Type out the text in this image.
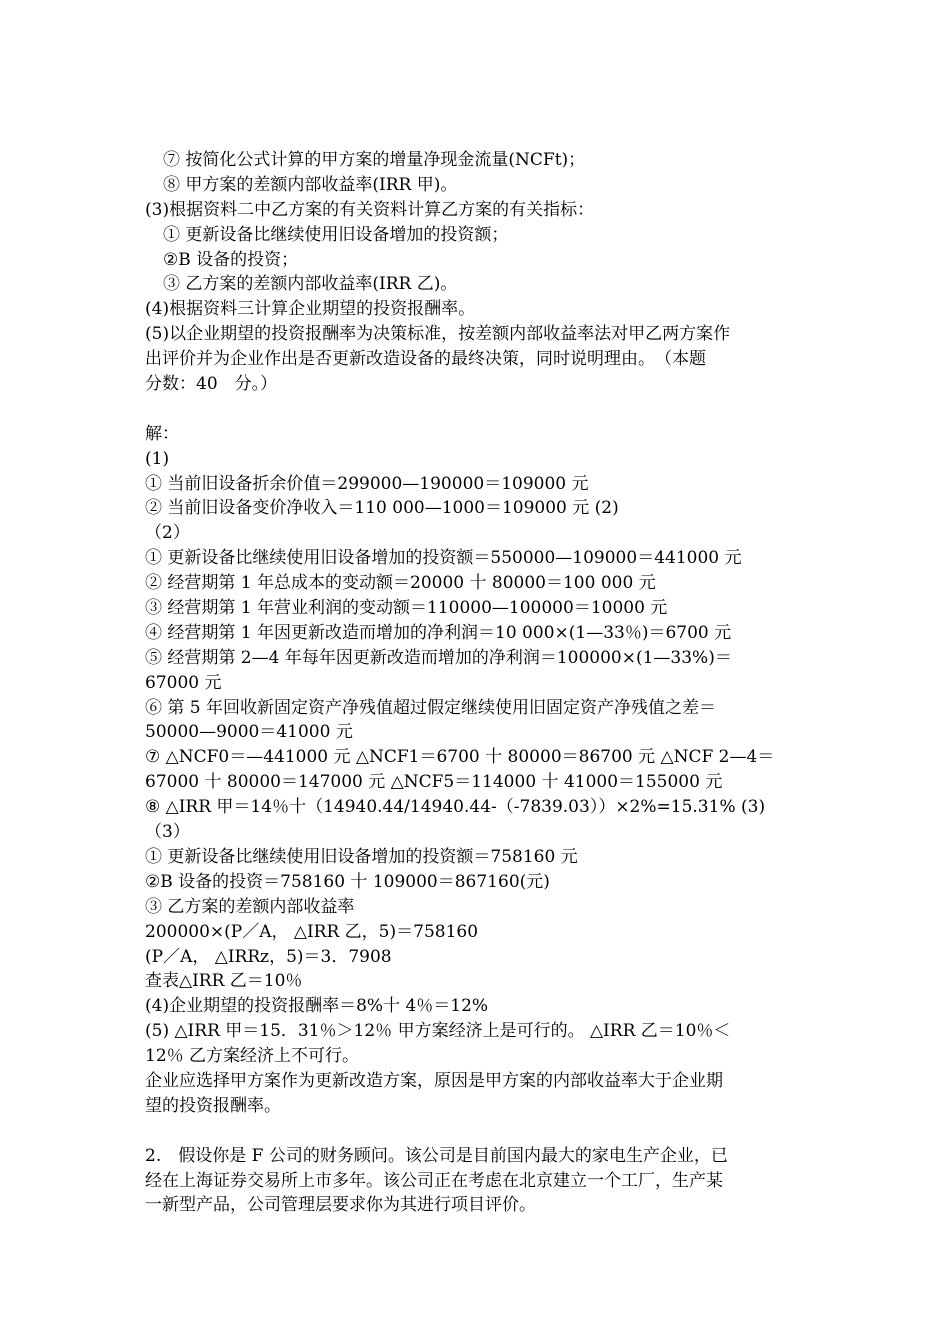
⑦ 按简化公式计算的甲方案的增量净现金流量(NCFt)；
⑧ 甲方案的差额内部收益率(IRR 甲)。
(3)根据资料二中乙方案的有关资料计算乙方案的有关指标：
① 更新设备比继续使用旧设备增加的投资额；
②B 设备的投资；
③ 乙方案的差额内部收益率(IRR 乙)。
(4)根据资料三计算企业期望的投资报酬率。
(5)以企业期望的投资报酬率为决策标准，按差额内部收益率法对甲乙两方案作
出评价并为企业作出是否更新改造设备的最终决策，同时说明理由。　（本题
分数：40　分。）
解：
(1)
① 当前旧设备折余价值＝299000—190000＝109000 元
② 当前旧设备变价净收入＝110 000—1000＝109000 元 (2)
（2）
① 更新设备比继续使用旧设备增加的投资额＝550000—109000＝441000 元
② 经营期第 1 年总成本的变动额＝20000 十 80000＝100 000 元
③ 经营期第 1 年营业利润的变动额＝110000—100000＝10000 元
④ 经营期第 1 年因更新改造而增加的净利润＝10 000×(1—33％)＝6700 元
⑤ 经营期第 2—4 年每年因更新改造而增加的净利润＝100000×(1—33%)＝
67000 元
⑥ 第 5 年回收新固定资产净残值超过假定继续使用旧固定资产净残值之差＝
50000—9000＝41000 元
⑦ △NCF0＝—441000 元 △NCF1＝6700 十 80000＝86700 元 △NCF 2—4＝
67000 十 80000＝147000 元 △NCF5＝114000 十 41000＝155000 元
⑧ △IRR 甲＝14％十（14940.44/14940.44-（-7839.03））×2%=15.31% (3)
（3）
① 更新设备比继续使用旧设备增加的投资额＝758160 元
②B 设备的投资＝758160 十 109000＝867160(元)
③ 乙方案的差额内部收益率
200000×(P／A， △IRR 乙，5)＝758160
(P／A， △IRRz，5)＝3．7908
查表△IRR 乙＝10％
(4)企业期望的投资报酬率＝8%十 4％＝12%
(5) △IRR 甲＝15．31％＞12％ 甲方案经济上是可行的。 △IRR 乙＝10％＜
12％ 乙方案经济上不可行。
企业应选择甲方案作为更新改造方案，原因是甲方案的内部收益率大于企业期
望的投资报酬率。
2.　假设你是 F 公司的财务顾问。该公司是目前国内最大的家电生产企业，已
经在上海证券交易所上市多年。该公司正在考虑在北京建立一个工厂，生产某
一新型产品，公司管理层要求你为其进行项目评价。
